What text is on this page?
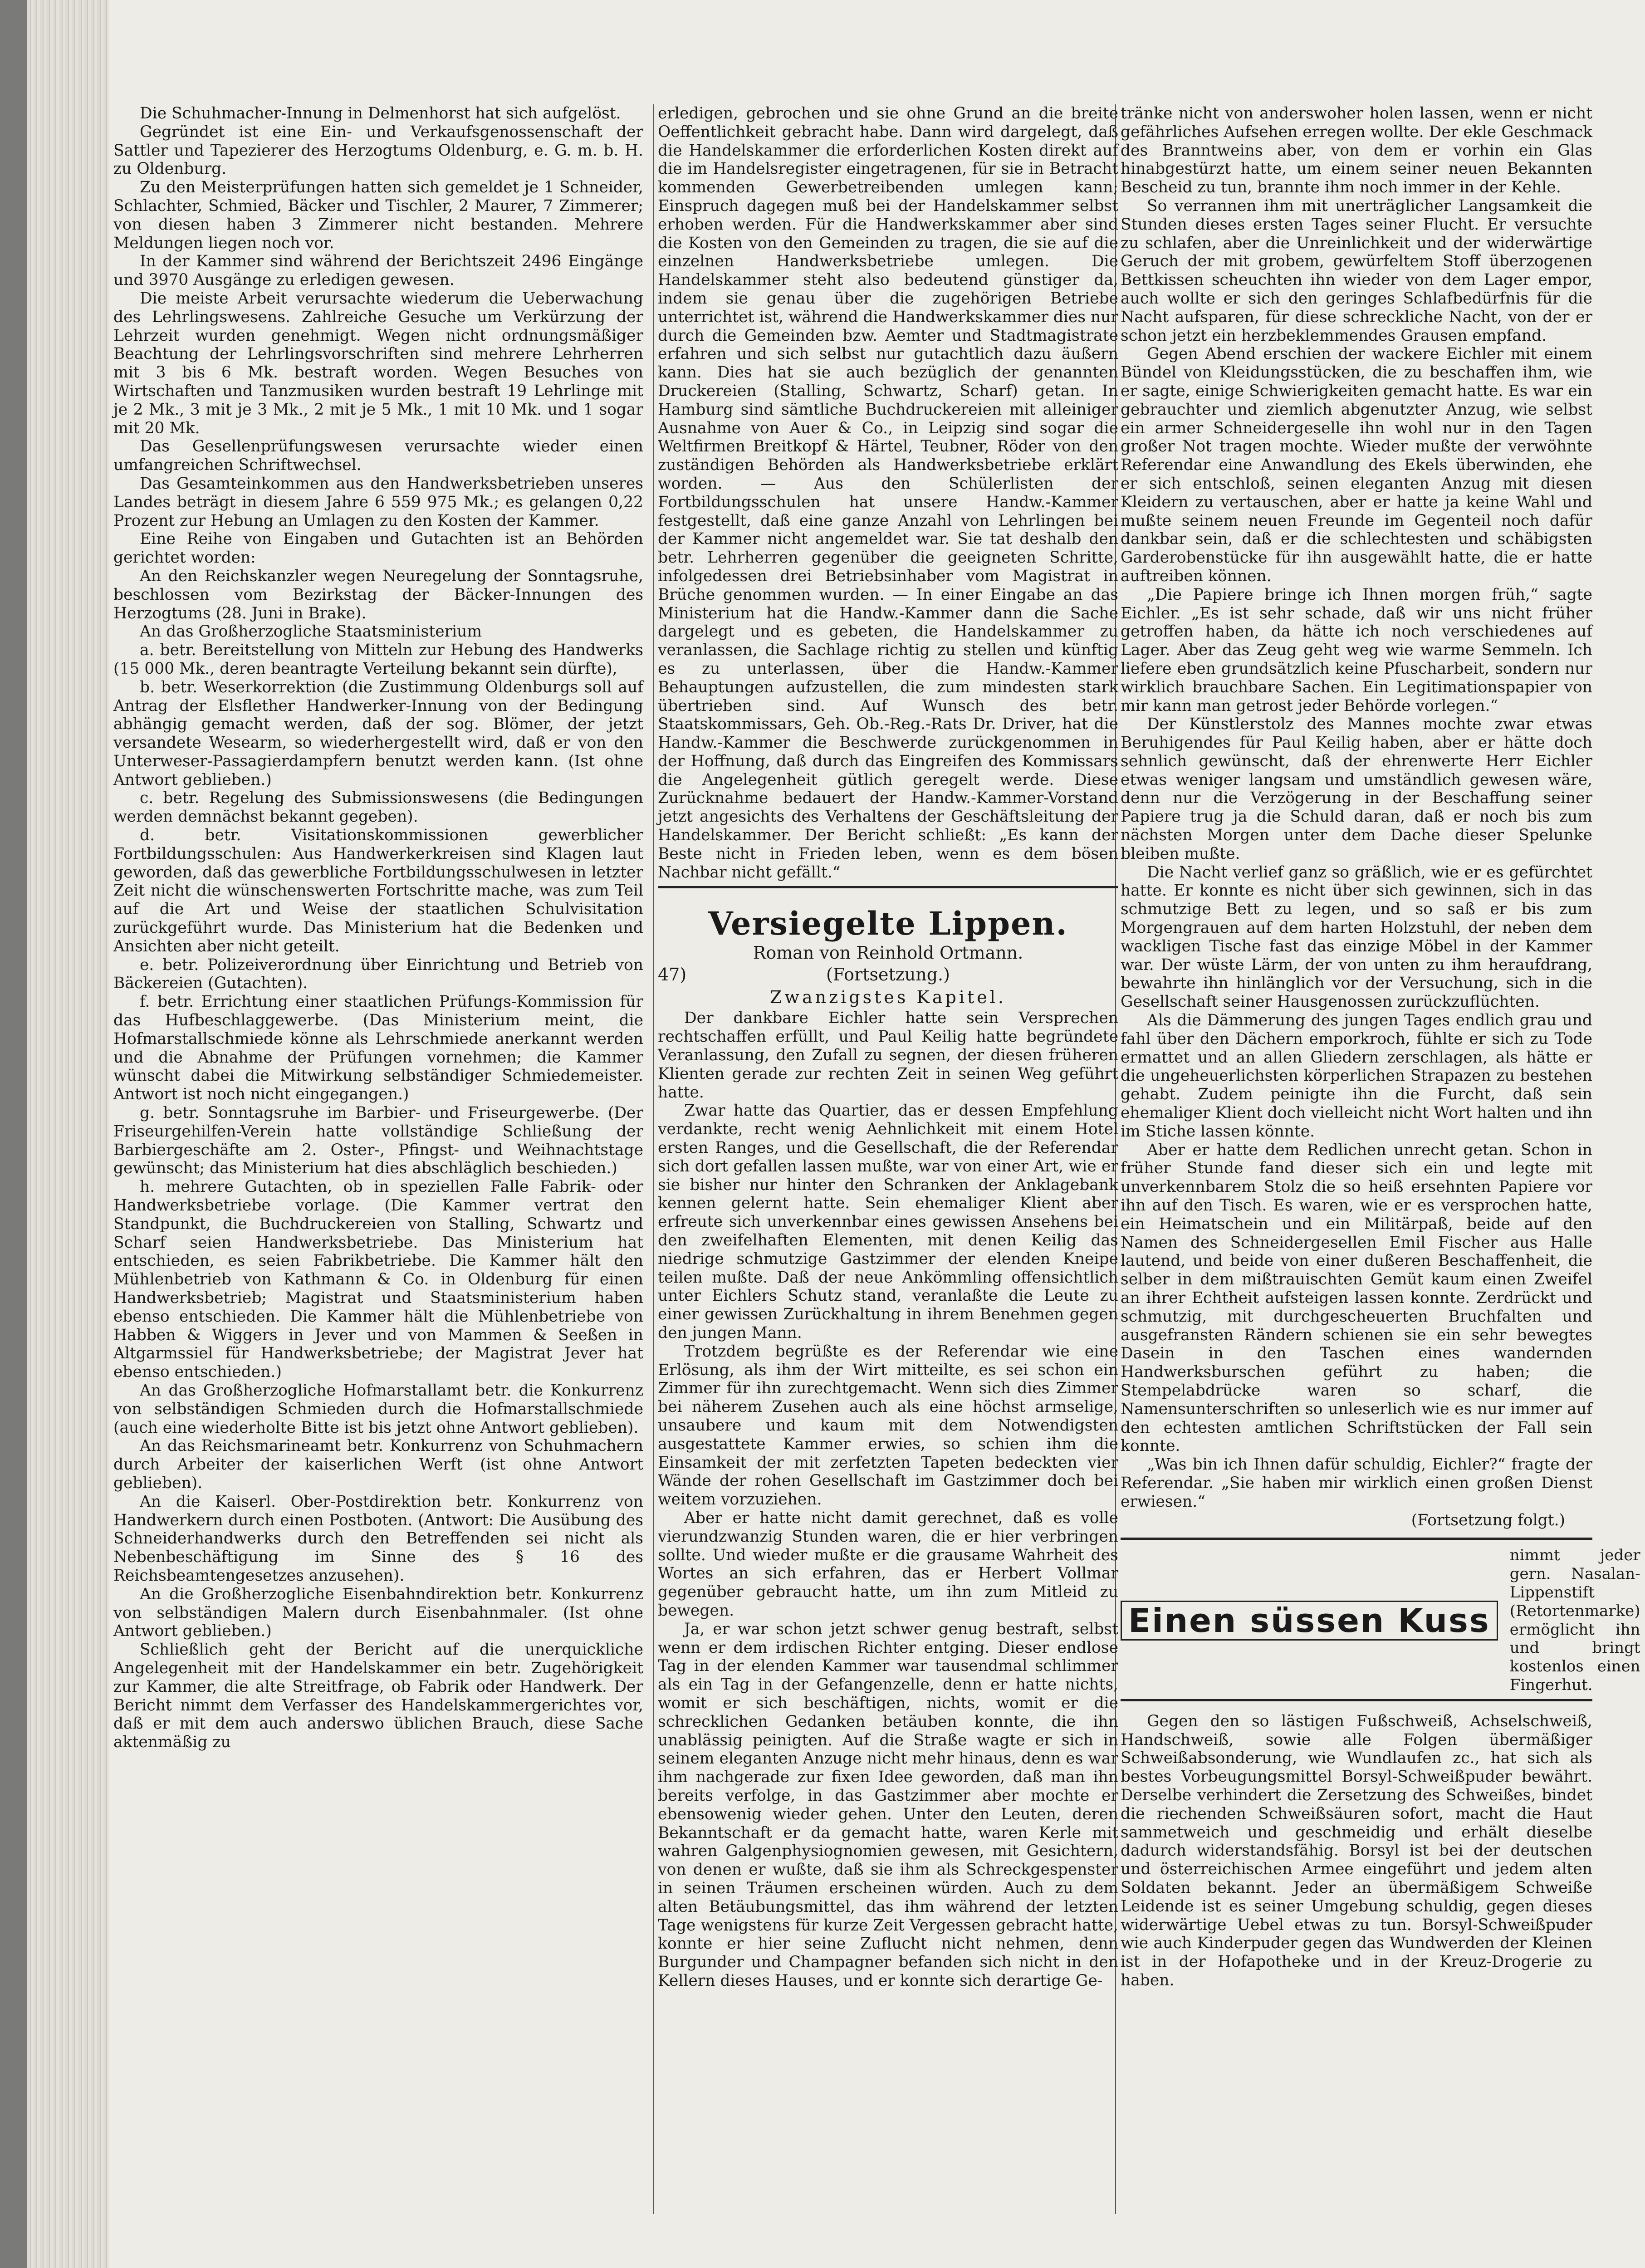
Die Schuhmacher-Innung in Delmenhorst hat sich aufgelöst.

Gegründet ist eine Ein- und Verkaufsgenossenschaft der Sattler und Tapezierer des Herzogtums Oldenburg, e. G. m. b. H. zu Oldenburg.

Zu den Meisterprüfungen hatten sich gemeldet je 1 Schneider, Schlachter, Schmied, Bäcker und Tischler, 2 Maurer, 7 Zimmerer; von diesen haben 3 Zimmerer nicht bestanden. Mehrere Meldungen liegen noch vor.

In der Kammer sind während der Berichtszeit 2496 Eingänge und 3970 Ausgänge zu erledigen gewesen.

Die meiste Arbeit verursachte wiederum die Ueberwachung des Lehrlingswesens. Zahlreiche Gesuche um Verkürzung der Lehrzeit wurden genehmigt. Wegen nicht ordnungsmäßiger Beachtung der Lehrlingsvorschriften sind mehrere Lehrherren mit 3 bis 6 Mk. bestraft worden. Wegen Besuches von Wirtschaften und Tanzmusiken wurden bestraft 19 Lehrlinge mit je 2 Mk., 3 mit je 3 Mk., 2 mit je 5 Mk., 1 mit 10 Mk. und 1 sogar mit 20 Mk.

Das Gesellenprüfungswesen verursachte wieder einen umfangreichen Schriftwechsel.

Das Gesamteinkommen aus den Handwerksbetrieben unseres Landes beträgt in diesem Jahre 6 559 975 Mk.; es gelangen 0,22 Prozent zur Hebung an Umlagen zu den Kosten der Kammer.

Eine Reihe von Eingaben und Gutachten ist an Behörden gerichtet worden:

An den Reichskanzler wegen Neuregelung der Sonntagsruhe, beschlossen vom Bezirkstag der Bäcker-Innungen des Herzogtums (28. Juni in Brake).

An das Großherzogliche Staatsministerium

a. betr. Bereitstellung von Mitteln zur Hebung des Handwerks (15 000 Mk., deren beantragte Verteilung bekannt sein dürfte),

b. betr. Weserkorrektion (die Zustimmung Oldenburgs soll auf Antrag der Elsflether Handwerker-Innung von der Bedingung abhängig gemacht werden, daß der sog. Blömer, der jetzt versandete Wesearm, so wiederhergestellt wird, daß er von den Unterweser-Passagierdampfern benutzt werden kann. (Ist ohne Antwort geblieben.)

c. betr. Regelung des Submissionswesens (die Bedingungen werden demnächst bekannt gegeben).

d. betr. Visitationskommissionen gewerblicher Fortbildungsschulen: Aus Handwerkerkreisen sind Klagen laut geworden, daß das gewerbliche Fortbildungsschulwesen in letzter Zeit nicht die wünschenswerten Fortschritte mache, was zum Teil auf die Art und Weise der staatlichen Schulvisitation zurückgeführt wurde. Das Ministerium hat die Bedenken und Ansichten aber nicht geteilt.

e. betr. Polizeiverordnung über Einrichtung und Betrieb von Bäckereien (Gutachten).

f. betr. Errichtung einer staatlichen Prüfungs-Kommission für das Hufbeschlaggewerbe. (Das Ministerium meint, die Hofmarstallschmiede könne als Lehrschmiede anerkannt werden und die Abnahme der Prüfungen vornehmen; die Kammer wünscht dabei die Mitwirkung selbständiger Schmiedemeister. Antwort ist noch nicht eingegangen.)

g. betr. Sonntagsruhe im Barbier- und Friseurgewerbe. (Der Friseurgehilfen-Verein hatte vollständige Schließung der Barbiergeschäfte am 2. Oster-, Pfingst- und Weihnachtstage gewünscht; das Ministerium hat dies abschläglich beschieden.)

h. mehrere Gutachten, ob in speziellen Falle Fabrik- oder Handwerksbetriebe vorlage. (Die Kammer vertrat den Standpunkt, die Buchdruckereien von Stalling, Schwartz und Scharf seien Handwerksbetriebe. Das Ministerium hat entschieden, es seien Fabrikbetriebe. Die Kammer hält den Mühlenbetrieb von Kathmann & Co. in Oldenburg für einen Handwerksbetrieb; Magistrat und Staatsministerium haben ebenso entschieden. Die Kammer hält die Mühlenbetriebe von Habben & Wiggers in Jever und von Mammen & Seeßen in Altgarmssiel für Handwerksbetriebe; der Magistrat Jever hat ebenso entschieden.)

An das Großherzogliche Hofmarstallamt betr. die Konkurrenz von selbständigen Schmieden durch die Hofmarstallschmiede (auch eine wiederholte Bitte ist bis jetzt ohne Antwort geblieben).

An das Reichsmarineamt betr. Konkurrenz von Schuhmachern durch Arbeiter der kaiserlichen Werft (ist ohne Antwort geblieben).

An die Kaiserl. Ober-Postdirektion betr. Konkurrenz von Handwerkern durch einen Postboten. (Antwort: Die Ausübung des Schneiderhandwerks durch den Betreffenden sei nicht als Nebenbeschäftigung im Sinne des § 16 des Reichsbeamtengesetzes anzusehen).

An die Großherzogliche Eisenbahndirektion betr. Konkurrenz von selbständigen Malern durch Eisenbahnmaler. (Ist ohne Antwort geblieben.)

Schließlich geht der Bericht auf die unerquickliche Angelegenheit mit der Handelskammer ein betr. Zugehörigkeit zur Kammer, die alte Streitfrage, ob Fabrik oder Handwerk. Der Bericht nimmt dem Verfasser des Handelskammergerichtes vor, daß er mit dem auch anderswo üblichen Brauch, diese Sache aktenmäßig zu

erledigen, gebrochen und sie ohne Grund an die breite Oeffentlichkeit gebracht habe. Dann wird dargelegt, daß die Handelskammer die erforderlichen Kosten direkt auf die im Handelsregister eingetragenen, für sie in Betracht kommenden Gewerbetreibenden umlegen kann; Einspruch dagegen muß bei der Handelskammer selbst erhoben werden. Für die Handwerkskammer aber sind die Kosten von den Gemeinden zu tragen, die sie auf die einzelnen Handwerksbetriebe umlegen. Die Handelskammer steht also bedeutend günstiger da, indem sie genau über die zugehörigen Betriebe unterrichtet ist, während die Handwerkskammer dies nur durch die Gemeinden bzw. Aemter und Stadtmagistrate erfahren und sich selbst nur gutachtlich dazu äußern kann. Dies hat sie auch bezüglich der genannten Druckereien (Stalling, Schwartz, Scharf) getan. In Hamburg sind sämtliche Buchdruckereien mit alleiniger Ausnahme von Auer & Co., in Leipzig sind sogar die Weltfirmen Breitkopf & Härtel, Teubner, Röder von den zuständigen Behörden als Handwerksbetriebe erklärt worden. — Aus den Schülerlisten der Fortbildungsschulen hat unsere Handw.-Kammer festgestellt, daß eine ganze Anzahl von Lehrlingen bei der Kammer nicht angemeldet war. Sie tat deshalb den betr. Lehrherren gegenüber die geeigneten Schritte, infolgedessen drei Betriebsinhaber vom Magistrat in Brüche genommen wurden. — In einer Eingabe an das Ministerium hat die Handw.-Kammer dann die Sache dargelegt und es gebeten, die Handelskammer zu veranlassen, die Sachlage richtig zu stellen und künftig es zu unterlassen, über die Handw.-Kammer Behauptungen aufzustellen, die zum mindesten stark übertrieben sind. Auf Wunsch des betr. Staatskommissars, Geh. Ob.-Reg.-Rats Dr. Driver, hat die Handw.-Kammer die Beschwerde zurückgenommen in der Hoffnung, daß durch das Eingreifen des Kommissars die Angelegenheit gütlich geregelt werde. Diese Zurücknahme bedauert der Handw.-Kammer-Vorstand jetzt angesichts des Verhaltens der Geschäftsleitung der Handelskammer. Der Bericht schließt: „Es kann der Beste nicht in Frieden leben, wenn es dem bösen Nachbar nicht gefällt.“

Versiegelte Lippen.
Roman von Reinhold Ortmann.
47)	(Fortsetzung.)
Zwanzigstes Kapitel.

Der dankbare Eichler hatte sein Versprechen rechtschaffen erfüllt, und Paul Keilig hatte begründete Veranlassung, den Zufall zu segnen, der diesen früheren Klienten gerade zur rechten Zeit in seinen Weg geführt hatte.

Zwar hatte das Quartier, das er dessen Empfehlung verdankte, recht wenig Aehnlichkeit mit einem Hotel ersten Ranges, und die Gesellschaft, die der Referendar sich dort gefallen lassen mußte, war von einer Art, wie er sie bisher nur hinter den Schranken der Anklagebank kennen gelernt hatte. Sein ehemaliger Klient aber erfreute sich unverkennbar eines gewissen Ansehens bei den zweifelhaften Elementen, mit denen Keilig das niedrige schmutzige Gastzimmer der elenden Kneipe teilen mußte. Daß der neue Ankömmling offensichtlich unter Eichlers Schutz stand, veranlaßte die Leute zu einer gewissen Zurückhaltung in ihrem Benehmen gegen den jungen Mann.

Trotzdem begrüßte es der Referendar wie eine Erlösung, als ihm der Wirt mitteilte, es sei schon ein Zimmer für ihn zurechtgemacht. Wenn sich dies Zimmer bei näherem Zusehen auch als eine höchst armselige, unsaubere und kaum mit dem Notwendigsten ausgestattete Kammer erwies, so schien ihm die Einsamkeit der mit zerfetzten Tapeten bedeckten vier Wände der rohen Gesellschaft im Gastzimmer doch bei weitem vorzuziehen.

Aber er hatte nicht damit gerechnet, daß es volle vierundzwanzig Stunden waren, die er hier verbringen sollte. Und wieder mußte er die grausame Wahrheit des Wortes an sich erfahren, das er Herbert Vollmar gegenüber gebraucht hatte, um ihn zum Mitleid zu bewegen.

Ja, er war schon jetzt schwer genug bestraft, selbst wenn er dem irdischen Richter entging. Dieser endlose Tag in der elenden Kammer war tausendmal schlimmer als ein Tag in der Gefangenzelle, denn er hatte nichts, womit er sich beschäftigen, nichts, womit er die schrecklichen Gedanken betäuben konnte, die ihn unablässig peinigten. Auf die Straße wagte er sich in seinem eleganten Anzuge nicht mehr hinaus, denn es war ihm nachgerade zur fixen Idee geworden, daß man ihn bereits verfolge, in das Gastzimmer aber mochte er ebensowenig wieder gehen. Unter den Leuten, deren Bekanntschaft er da gemacht hatte, waren Kerle mit wahren Galgenphysiognomien gewesen, mit Gesichtern, von denen er wußte, daß sie ihm als Schreckgespenster in seinen Träumen erscheinen würden. Auch zu dem alten Betäubungsmittel, das ihm während der letzten Tage wenigstens für kurze Zeit Vergessen gebracht hatte, konnte er hier seine Zuflucht nicht nehmen, denn Burgunder und Champagner befanden sich nicht in den Kellern dieses Hauses, und er konnte sich derartige Ge-

tränke nicht von anderswoher holen lassen, wenn er nicht gefährliches Aufsehen erregen wollte. Der ekle Geschmack des Branntweins aber, von dem er vorhin ein Glas hinabgestürzt hatte, um einem seiner neuen Bekannten Bescheid zu tun, brannte ihm noch immer in der Kehle.

So verrannen ihm mit unerträglicher Langsamkeit die Stunden dieses ersten Tages seiner Flucht. Er versuchte zu schlafen, aber die Unreinlichkeit und der widerwärtige Geruch der mit grobem, gewürfeltem Stoff überzogenen Bettkissen scheuchten ihn wieder von dem Lager empor, auch wollte er sich den geringes Schlafbedürfnis für die Nacht aufsparen, für diese schreckliche Nacht, von der er schon jetzt ein herzbeklemmendes Grausen empfand.

Gegen Abend erschien der wackere Eichler mit einem Bündel von Kleidungsstücken, die zu beschaffen ihm, wie er sagte, einige Schwierigkeiten gemacht hatte. Es war ein gebrauchter und ziemlich abgenutzter Anzug, wie selbst ein armer Schneidergeselle ihn wohl nur in den Tagen großer Not tragen mochte. Wieder mußte der verwöhnte Referendar eine Anwandlung des Ekels überwinden, ehe er sich entschloß, seinen eleganten Anzug mit diesen Kleidern zu vertauschen, aber er hatte ja keine Wahl und mußte seinem neuen Freunde im Gegenteil noch dafür dankbar sein, daß er die schlechtesten und schäbigsten Garderobenstücke für ihn ausgewählt hatte, die er hatte auftreiben können.

„Die Papiere bringe ich Ihnen morgen früh,“ sagte Eichler. „Es ist sehr schade, daß wir uns nicht früher getroffen haben, da hätte ich noch verschiedenes auf Lager. Aber das Zeug geht weg wie warme Semmeln. Ich liefere eben grundsätzlich keine Pfuscharbeit, sondern nur wirklich brauchbare Sachen. Ein Legitimationspapier von mir kann man getrost jeder Behörde vorlegen.“

Der Künstlerstolz des Mannes mochte zwar etwas Beruhigendes für Paul Keilig haben, aber er hätte doch sehnlich gewünscht, daß der ehrenwerte Herr Eichler etwas weniger langsam und umständlich gewesen wäre, denn nur die Verzögerung in der Beschaffung seiner Papiere trug ja die Schuld daran, daß er noch bis zum nächsten Morgen unter dem Dache dieser Spelunke bleiben mußte.

Die Nacht verlief ganz so gräßlich, wie er es gefürchtet hatte. Er konnte es nicht über sich gewinnen, sich in das schmutzige Bett zu legen, und so saß er bis zum Morgengrauen auf dem harten Holzstuhl, der neben dem wackligen Tische fast das einzige Möbel in der Kammer war. Der wüste Lärm, der von unten zu ihm heraufdrang, bewahrte ihn hinlänglich vor der Versuchung, sich in die Gesellschaft seiner Hausgenossen zurückzuflüchten.

Als die Dämmerung des jungen Tages endlich grau und fahl über den Dächern emporkroch, fühlte er sich zu Tode ermattet und an allen Gliedern zerschlagen, als hätte er die ungeheuerlichsten körperlichen Strapazen zu bestehen gehabt. Zudem peinigte ihn die Furcht, daß sein ehemaliger Klient doch vielleicht nicht Wort halten und ihn im Stiche lassen könnte.

Aber er hatte dem Redlichen unrecht getan. Schon in früher Stunde fand dieser sich ein und legte mit unverkennbarem Stolz die so heiß ersehnten Papiere vor ihn auf den Tisch. Es waren, wie er es versprochen hatte, ein Heimatschein und ein Militärpaß, beide auf den Namen des Schneidergesellen Emil Fischer aus Halle lautend, und beide von einer dußeren Beschaffenheit, die selber in dem mißtrauischten Gemüt kaum einen Zweifel an ihrer Echtheit aufsteigen lassen konnte. Zerdrückt und schmutzig, mit durchgescheuerten Bruchfalten und ausgefransten Rändern schienen sie ein sehr bewegtes Dasein in den Taschen eines wandernden Handwerksburschen geführt zu haben; die Stempelabdrücke waren so scharf, die Namensunterschriften so unleserlich wie es nur immer auf den echtesten amtlichen Schriftstücken der Fall sein konnte.

„Was bin ich Ihnen dafür schuldig, Eichler?“ fragte der Referendar. „Sie haben mir wirklich einen großen Dienst erwiesen.“

(Fortsetzung folgt.)
Einen süssen Kuss
nimmt jeder gern. Nasalan-Lippenstift (Retortenmarke) ermöglicht ihn und bringt kostenlos einen Fingerhut.

Gegen den so lästigen Fußschweiß, Achselschweiß, Handschweiß, sowie alle Folgen übermäßiger Schweißabsonderung, wie Wundlaufen zc., hat sich als bestes Vorbeugungsmittel Borsyl-Schweißpuder bewährt. Derselbe verhindert die Zersetzung des Schweißes, bindet die riechenden Schweißsäuren sofort, macht die Haut sammetweich und geschmeidig und erhält dieselbe dadurch widerstandsfähig. Borsyl ist bei der deutschen und österreichischen Armee eingeführt und jedem alten Soldaten bekannt. Jeder an übermäßigem Schweiße Leidende ist es seiner Umgebung schuldig, gegen dieses widerwärtige Uebel etwas zu tun. Borsyl-Schweißpuder wie auch Kinderpuder gegen das Wundwerden der Kleinen ist in der Hofapotheke und in der Kreuz-Drogerie zu haben.
